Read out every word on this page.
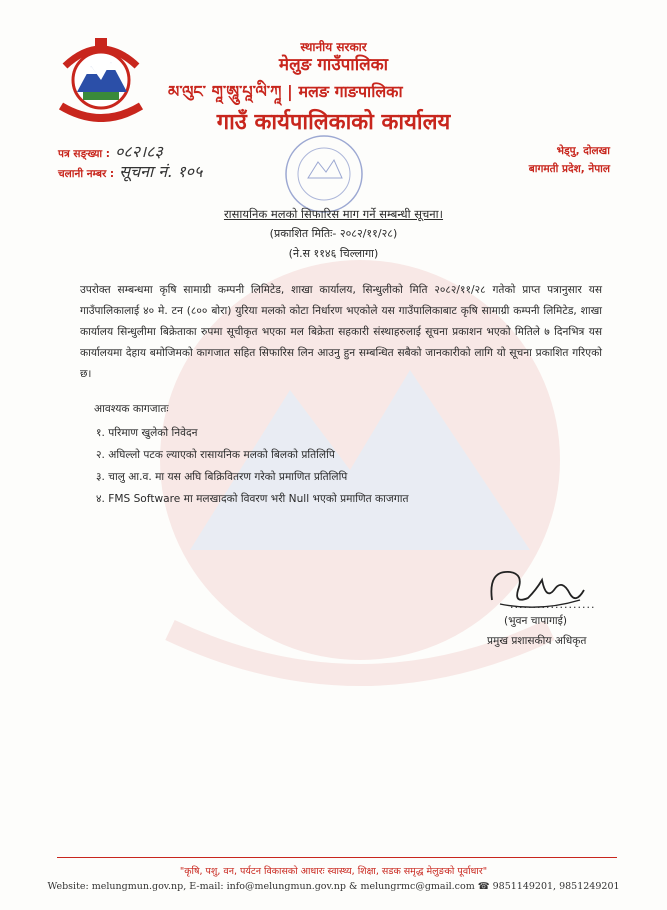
स्थानीय सरकार
मेलुङ गाउँपालिका
མ་ལུང་ གཱ་ཨཱུ་པཱ་ལི་ཀཱ | मलङ गाङपालिका
गाउँ कार्यपालिकाको कार्यालय
पत्र सङ्ख्या : ०८२।८३
चलानी नम्बर : सूचना नं. १०५
भेड्पु, दोलखा
बागमती प्रदेश, नेपाल
रासायनिक मलको सिफारिस माग गर्ने सम्बन्धी सूचना।
(प्रकाशित मितिः- २०८२/११/२८)
(ने.स ११४६ चिल्लागा)
उपरोक्त सम्बन्धमा कृषि सामाग्री कम्पनी लिमिटेड, शाखा कार्यालय, सिन्धुलीको मिति २०८२/११/२८ गतेको प्राप्त पत्रानुसार यस गाउँपालिकालाई ४० मे. टन (८०० बोरा) युरिया मलको कोटा निर्धारण भएकोले यस गाउँपालिकाबाट कृषि सामाग्री कम्पनी लिमिटेड, शाखा कार्यालय सिन्धुलीमा बिक्रेताका रुपमा सूचीकृत भएका मल बिक्रेता सहकारी संस्थाहरुलाई सूचना प्रकाशन भएको मितिले ७ दिनभित्र यस कार्यालयमा देहाय बमोजिमको कागजात सहित सिफारिस लिन आउनु हुन सम्बन्धित सबैको जानकारीको लागि यो सूचना प्रकाशित गरिएको छ।
आवश्यक कागजातः
१. परिमाण खुलेको निवेदन
२. अघिल्लो पटक ल्याएको रासायनिक मलको बिलको प्रतिलिपि
३. चालु आ.व. मा यस अघि बिक्रिवितरण गरेको प्रमाणित प्रतिलिपि
४. FMS Software मा मलखादको विवरण भरी Null भएको प्रमाणित काजगात
...................
(भुवन चापागाई)
प्रमुख प्रशासकीय अधिकृत
"कृषि, पशु, वन, पर्यटन विकासको आधारः स्वास्थ्य, शिक्षा, सडक समृद्ध मेलुङको पूर्वाधार"
Website: melungmun.gov.np, E-mail: info@melungmun.gov.np & melungrmc@gmail.com ☎ 9851149201, 9851249201
